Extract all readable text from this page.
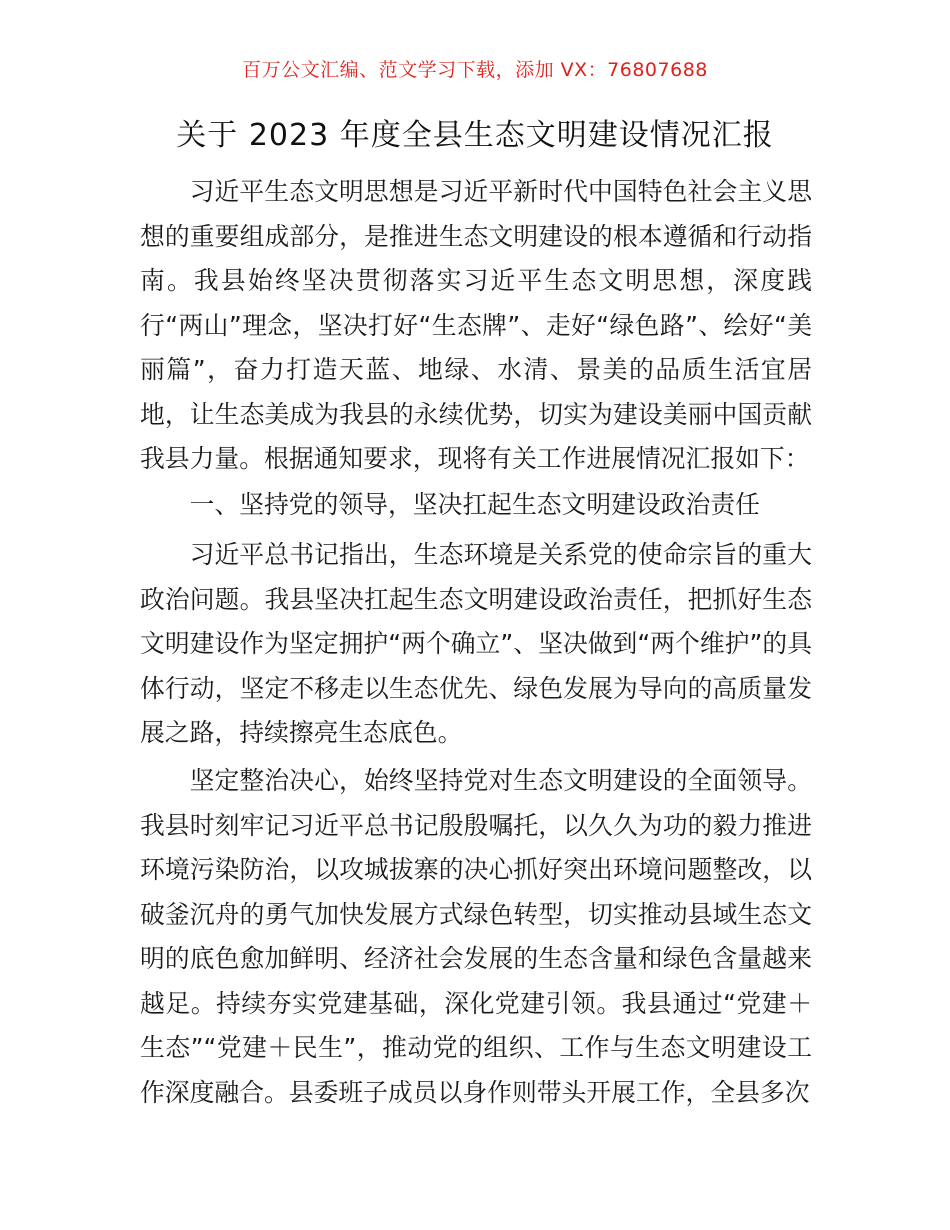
百万公文汇编、范文学习下载，添加 VX：76807688
关于 2023 年度全县生态文明建设情况汇报

习近平生态文明思想是习近平新时代中国特色社会主义思想的重要组成部分，是推进生态文明建设的根本遵循和行动指南。我县始终坚决贯彻落实习近平生态文明思想，深度践行“两山”理念，坚决打好“生态牌”、走好“绿色路”、绘好“美丽篇”，奋力打造天蓝、地绿、水清、景美的品质生活宜居地，让生态美成为我县的永续优势，切实为建设美丽中国贡献我县力量。根据通知要求，现将有关工作进展情况汇报如下：

一、坚持党的领导，坚决扛起生态文明建设政治责任

习近平总书记指出，生态环境是关系党的使命宗旨的重大政治问题。我县坚决扛起生态文明建设政治责任，把抓好生态文明建设作为坚定拥护“两个确立”、坚决做到“两个维护”的具体行动，坚定不移走以生态优先、绿色发展为导向的高质量发展之路，持续擦亮生态底色。

坚定整治决心，始终坚持党对生态文明建设的全面领导。我县时刻牢记习近平总书记殷殷嘱托，以久久为功的毅力推进环境污染防治，以攻城拔寨的决心抓好突出环境问题整改，以破釜沉舟的勇气加快发展方式绿色转型，切实推动县域生态文明的底色愈加鲜明、经济社会发展的生态含量和绿色含量越来越足。持续夯实党建基础，深化党建引领。我县通过“党建＋生态”“党建＋民生”，推动党的组织、工作与生态文明建设工作深度融合。县委班子成员以身作则带头开展工作，全县多次
